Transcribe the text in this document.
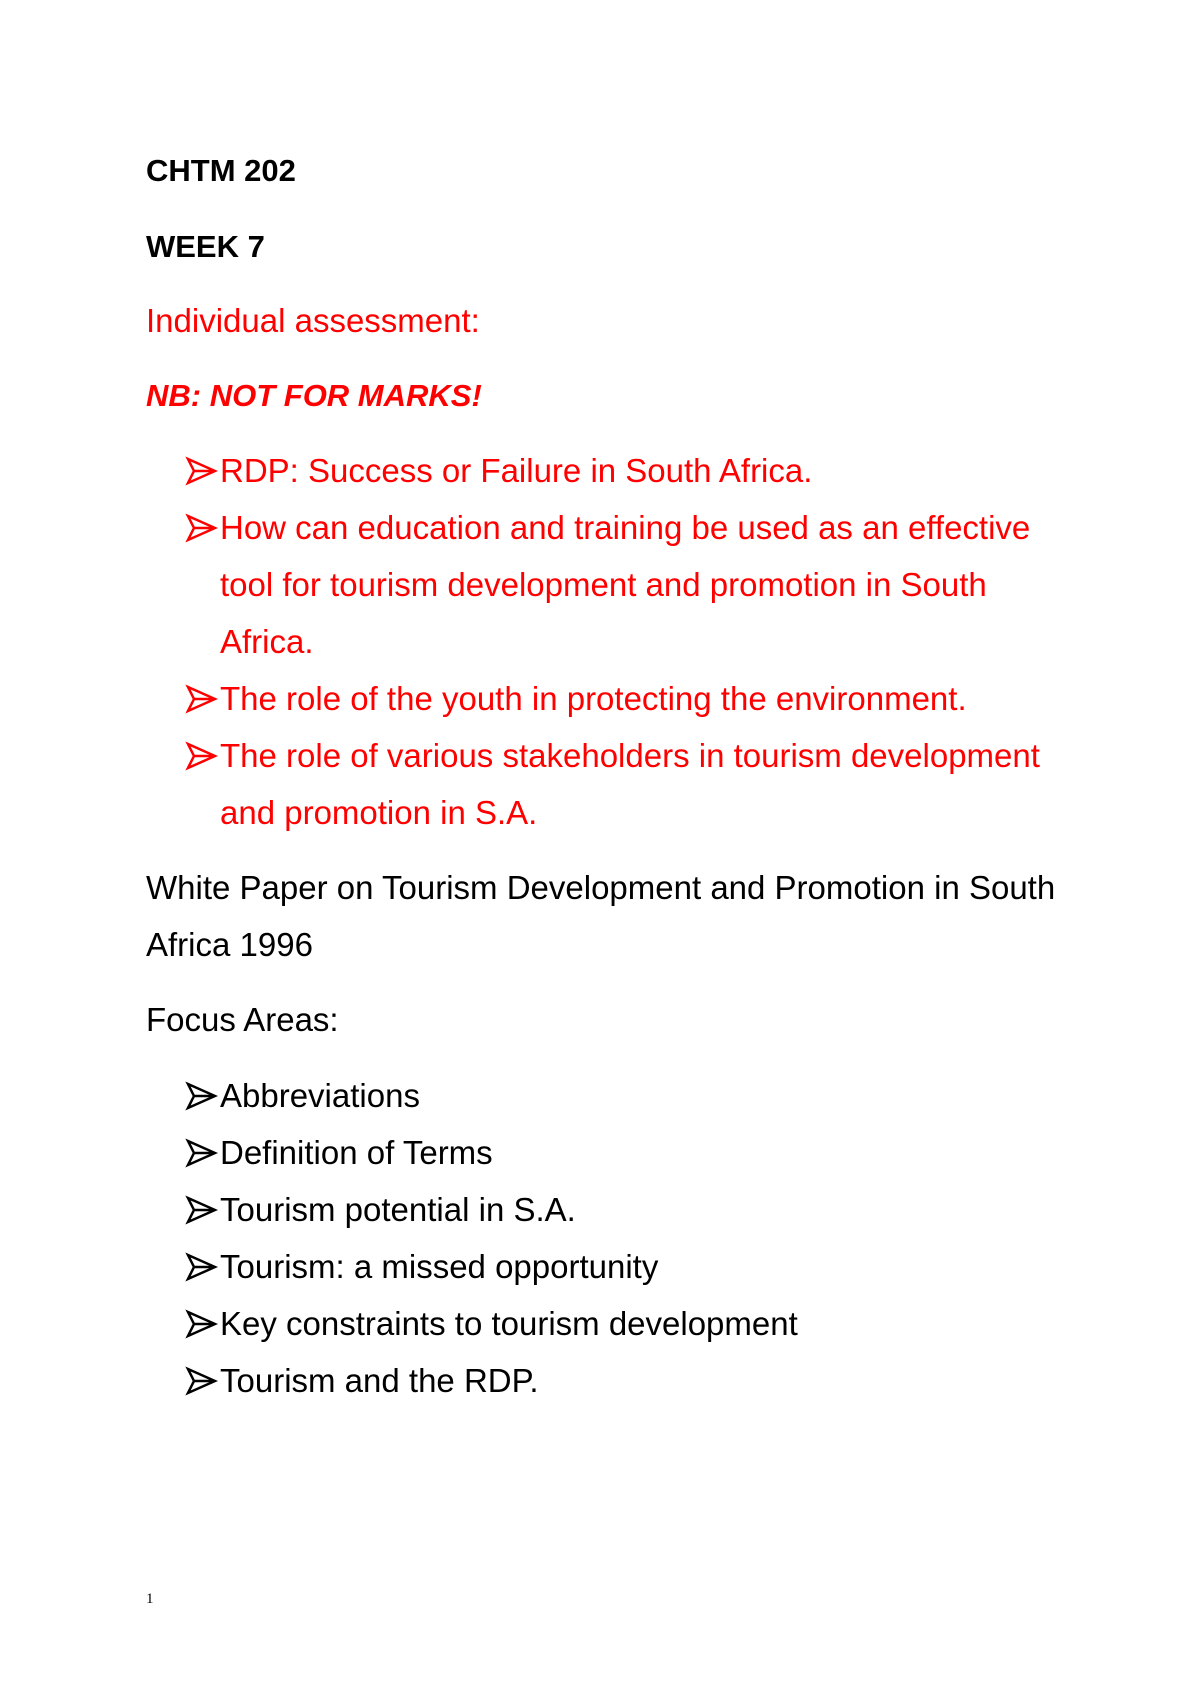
CHTM 202
WEEK 7
Individual assessment:
NB: NOT FOR MARKS!
RDP: Success or Failure in South Africa.
How can education and training be used as an effective tool for tourism development and promotion in South Africa.
The role of the youth in protecting the environment.
The role of various stakeholders in tourism development and promotion in S.A.
White Paper on Tourism Development and Promotion in South Africa 1996
Focus Areas:
Abbreviations
Definition of Terms
Tourism potential in S.A.
Tourism: a missed opportunity
Key constraints to tourism development
Tourism and the RDP.
1
